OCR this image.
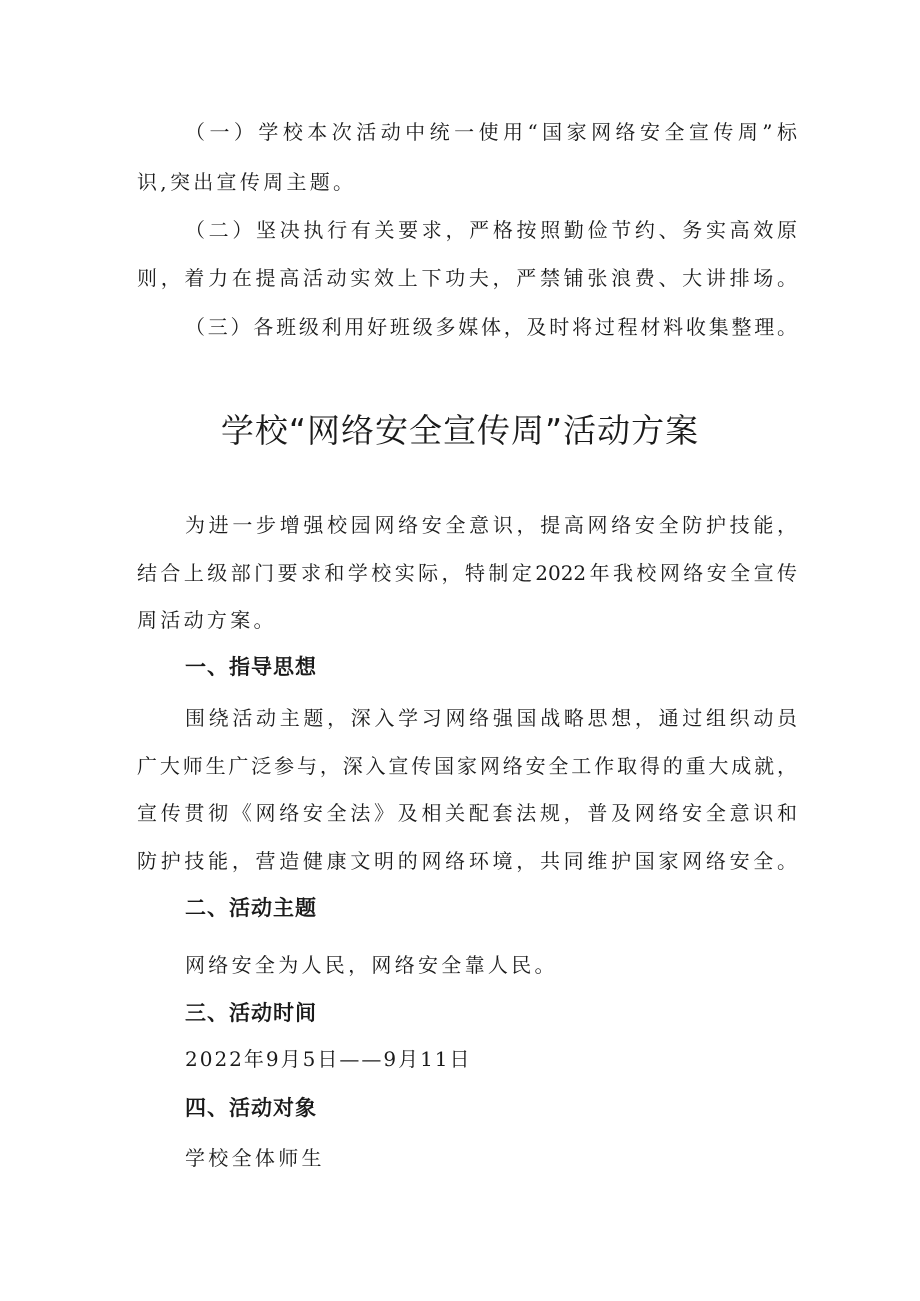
（一）学校本次活动中统一使用“国家网络安全宣传周”标
识,突出宣传周主题。
（二）坚决执行有关要求，严格按照勤俭节约、务实高效原
则，着力在提高活动实效上下功夫，严禁铺张浪费、大讲排场。
（三）各班级利用好班级多媒体，及时将过程材料收集整理。
学校“网络安全宣传周”活动方案
为进一步增强校园网络安全意识，提高网络安全防护技能，
结合上级部门要求和学校实际，特制定2022年我校网络安全宣传
周活动方案。
一、指导思想
围绕活动主题，深入学习网络强国战略思想，通过组织动员
广大师生广泛参与，深入宣传国家网络安全工作取得的重大成就，
宣传贯彻《网络安全法》及相关配套法规，普及网络安全意识和
防护技能，营造健康文明的网络环境，共同维护国家网络安全。
二、活动主题
网络安全为人民，网络安全靠人民。
三、活动时间
2022年9月5日——9月11日
四、活动对象
学校全体师生
